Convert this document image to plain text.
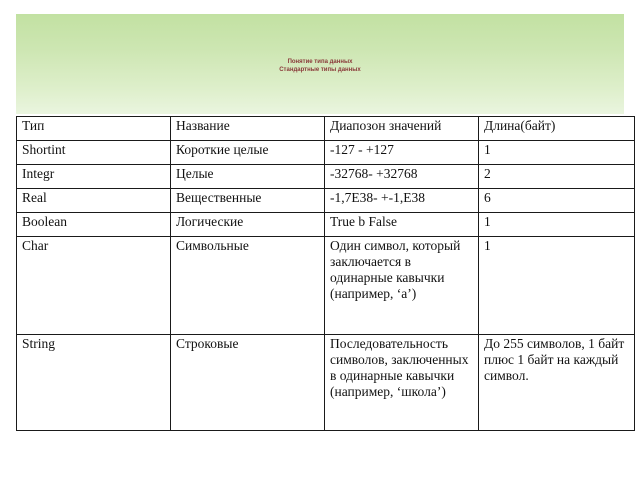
Понятие типа данных
Стандартные типы данных
Тип	Название	Диапозон значений	Длина(байт)
Shortint	Короткие целые	-127 - +127	1
Integr	Целые	-32768- +32768	2
Real	Вещественные	-1,7E38- +-1,E38	6
Boolean	Логические	True b False	1
Char	Символьные	Один символ, который заключается в одинарные кавычки (например, ‘a’)	1
String	Строковые	Последовательность символов, заключенных в одинарные кавычки (например, ‘школа’)	До 255 символов, 1 байт плюс 1 байт на каждый символ.
